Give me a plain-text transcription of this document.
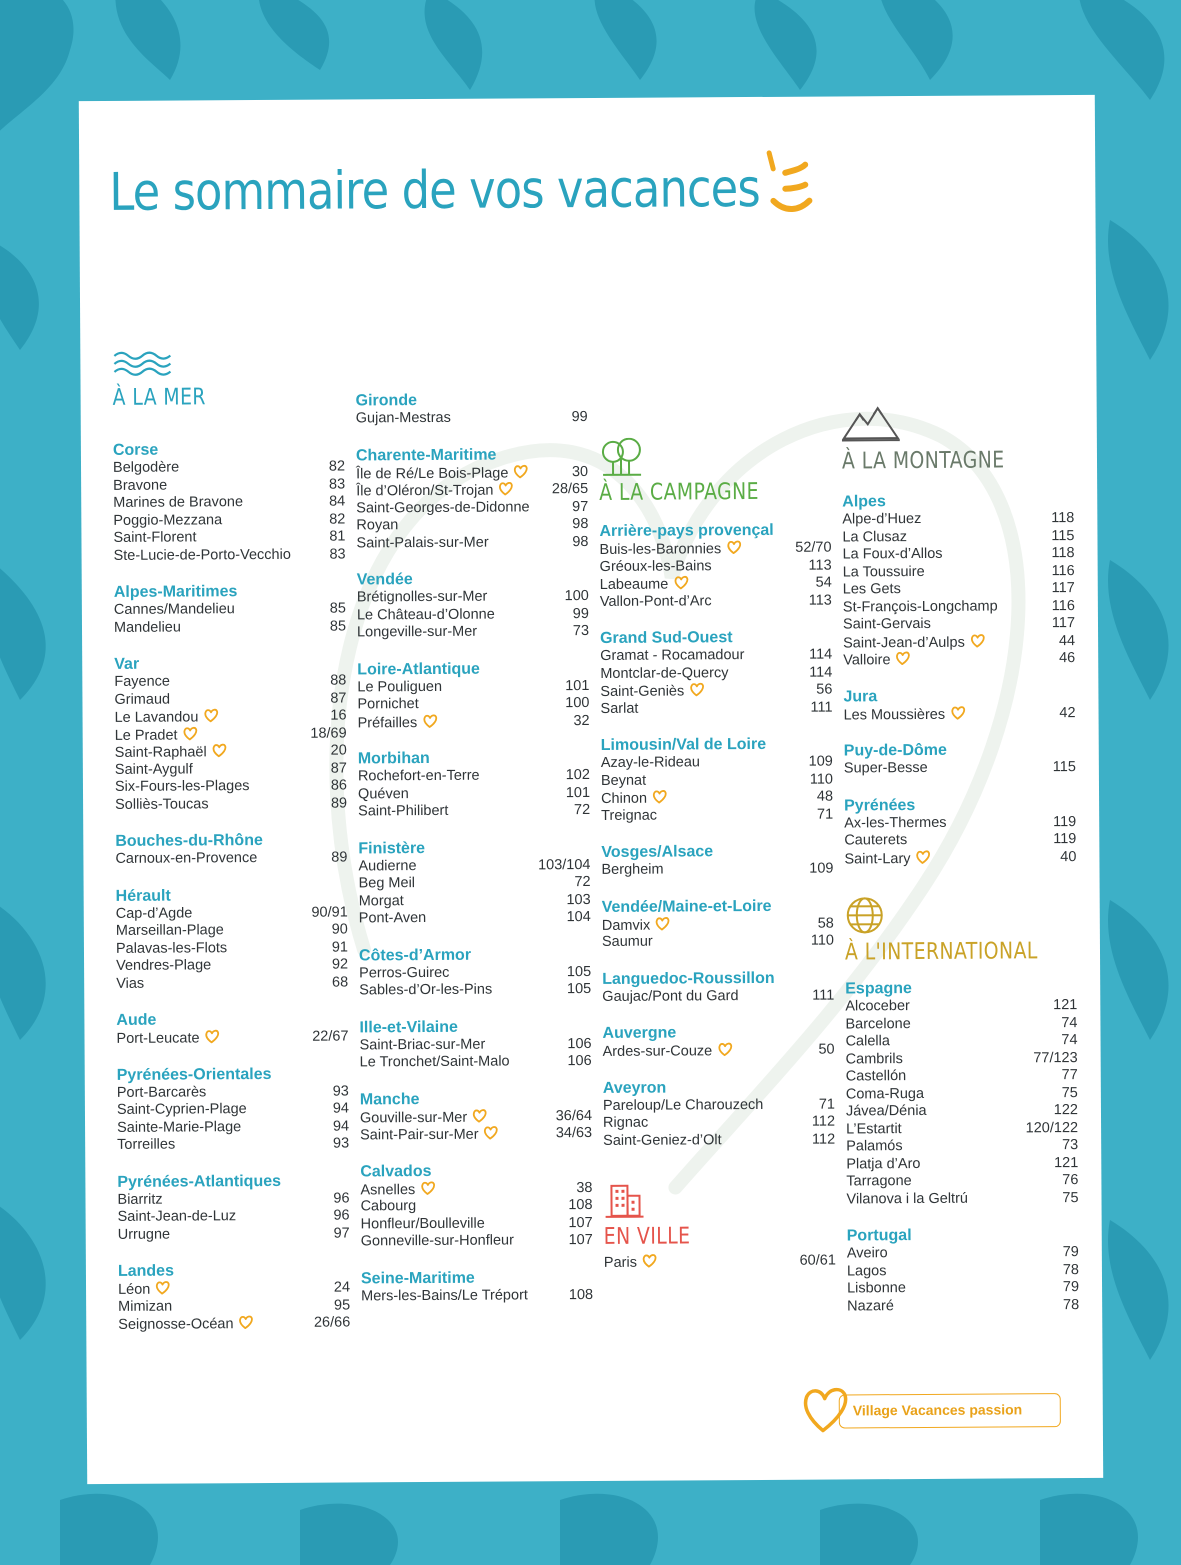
Le sommaire de vos vacances
À LA MER
Corse
Belgodère	82
Bravone	83
Marines de Bravone	84
Poggio-Mezzana	82
Saint-Florent	81
Ste-Lucie-de-Porto-Vecchio	83
Alpes-Maritimes
Cannes/Mandelieu	85
Mandelieu	85
Var
Fayence	88
Grimaud	87
Le Lavandou	16
Le Pradet	18/69
Saint-Raphaël	20
Saint-Aygulf	87
Six-Fours-les-Plages	86
Solliès-Toucas	89
Bouches-du-Rhône
Carnoux-en-Provence	89
Hérault
Cap-d’Agde	90/91
Marseillan-Plage	90
Palavas-les-Flots	91
Vendres-Plage	92
Vias	68
Aude
Port-Leucate	22/67
Pyrénées-Orientales
Port-Barcarès	93
Saint-Cyprien-Plage	94
Sainte-Marie-Plage	94
Torreilles	93
Pyrénées-Atlantiques
Biarritz	96
Saint-Jean-de-Luz	96
Urrugne	97
Landes
Léon	24
Mimizan	95
Seignosse-Océan	26/66
Gironde
Gujan-Mestras	99
Charente-Maritime
Île de Ré/Le Bois-Plage	30
Île d’Oléron/St-Trojan	28/65
Saint-Georges-de-Didonne	97
Royan	98
Saint-Palais-sur-Mer	98
Vendée
Brétignolles-sur-Mer	100
Le Château-d’Olonne	99
Longeville-sur-Mer	73
Loire-Atlantique
Le Pouliguen	101
Pornichet	100
Préfailles	32
Morbihan
Rochefort-en-Terre	102
Quéven	101
Saint-Philibert	72
Finistère
Audierne	103/104
Beg Meil	72
Morgat	103
Pont-Aven	104
Côtes-d’Armor
Perros-Guirec	105
Sables-d’Or-les-Pins	105
Ille-et-Vilaine
Saint-Briac-sur-Mer	106
Le Tronchet/Saint-Malo	106
Manche
Gouville-sur-Mer	36/64
Saint-Pair-sur-Mer	34/63
Calvados
Asnelles	38
Cabourg	108
Honfleur/Boulleville	107
Gonneville-sur-Honfleur	107
Seine-Maritime
Mers-les-Bains/Le Tréport	108
À LA CAMPAGNE
Arrière-pays provençal
Buis-les-Baronnies	52/70
Gréoux-les-Bains	113
Labeaume	54
Vallon-Pont-d’Arc	113
Grand Sud-Ouest
Gramat - Rocamadour	114
Montclar-de-Quercy	114
Saint-Geniès	56
Sarlat	111
Limousin/Val de Loire
Azay-le-Rideau	109
Beynat	110
Chinon	48
Treignac	71
Vosges/Alsace
Bergheim	109
Vendée/Maine-et-Loire
Damvix	58
Saumur	110
Languedoc-Roussillon
Gaujac/Pont du Gard	111
Auvergne
Ardes-sur-Couze	50
Aveyron
Pareloup/Le Charouzech	71
Rignac	112
Saint-Geniez-d’Olt	112
EN VILLE
Paris	60/61
À LA MONTAGNE
Alpes
Alpe-d’Huez	118
La Clusaz	115
La Foux-d’Allos	118
La Toussuire	116
Les Gets	117
St-François-Longchamp	116
Saint-Gervais	117
Saint-Jean-d’Aulps	44
Valloire	46
Jura
Les Moussières	42
Puy-de-Dôme
Super-Besse	115
Pyrénées
Ax-les-Thermes	119
Cauterets	119
Saint-Lary	40
À L'INTERNATIONAL
Espagne
Alcoceber	121
Barcelone	74
Calella	74
Cambrils	77/123
Castellón	77
Coma-Ruga	75
Jávea/Dénia	122
L’Estartit	120/122
Palamós	73
Platja d’Aro	121
Tarragone	76
Vilanova i la Geltrú	75
Portugal
Aveiro	79
Lagos	78
Lisbonne	79
Nazaré	78
Village Vacances passion
